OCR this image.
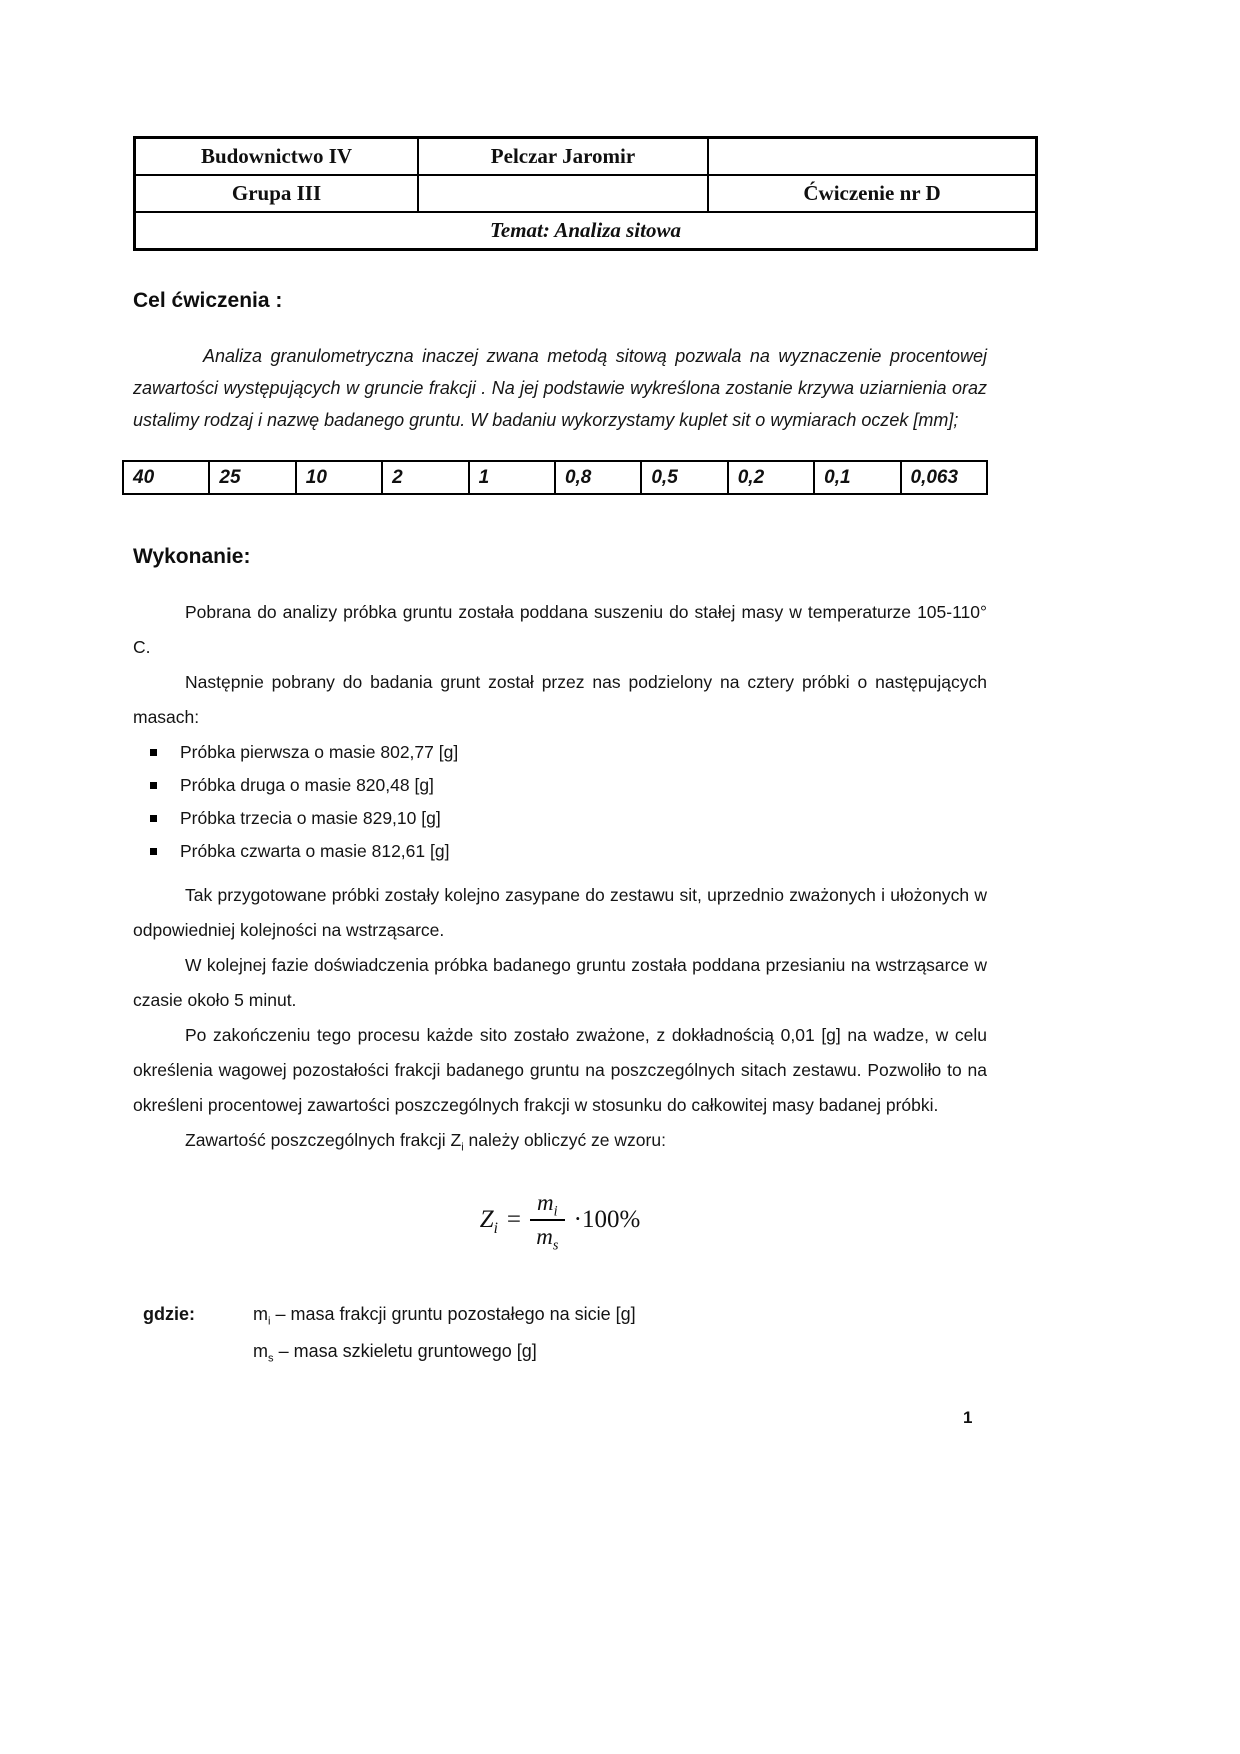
Budownictwo IV	Pelczar Jaromir	
Grupa III		Ćwiczenie nr D
Temat: Analiza sitowa		
Cel ćwiczenia :

Analiza granulometryczna inaczej zwana metodą sitową pozwala na wyznaczenie procentowej zawartości występujących w gruncie frakcji . Na jej podstawie wykreślona zostanie krzywa uziarnienia oraz ustalimy rodzaj i nazwę badanego gruntu. W badaniu wykorzystamy kuplet sit o wymiarach oczek [mm];

40	25	10	2	1	0,8	0,5	0,2	0,1	0,063
Wykonanie:

Pobrana do analizy próbka gruntu została poddana suszeniu do stałej masy w temperaturze 105-110° C.

Następnie pobrany do badania grunt został przez nas podzielony na cztery próbki o następujących masach:

Próbka pierwsza o masie 802,77 [g]
Próbka druga o masie 820,48 [g]
Próbka trzecia o masie 829,10 [g]
Próbka czwarta o masie 812,61 [g]

Tak przygotowane próbki zostały kolejno zasypane do zestawu sit, uprzednio zważonych i ułożonych w odpowiedniej kolejności na wstrząsarce.

W kolejnej fazie doświadczenia próbka badanego gruntu została poddana przesianiu na wstrząsarce w czasie około 5 minut.

Po zakończeniu tego procesu każde sito zostało zważone, z dokładnością 0,01 [g] na wadze, w celu określenia wagowej pozostałości frakcji badanego gruntu na poszczególnych sitach zestawu. Pozwoliło to na określeni procentowej zawartości poszczególnych frakcji w stosunku do całkowitej masy badanej próbki.

Zawartość poszczególnych frakcji $Z_i$ należy obliczyć ze wzoru:

$Z_i = \frac{m_i}{m_s} \cdot 100\%$
gdzie:	$m_i$ – masa frakcji gruntu pozostałego na sicie [g]
$m_s$ – masa szkieletu gruntowego [g]
1
